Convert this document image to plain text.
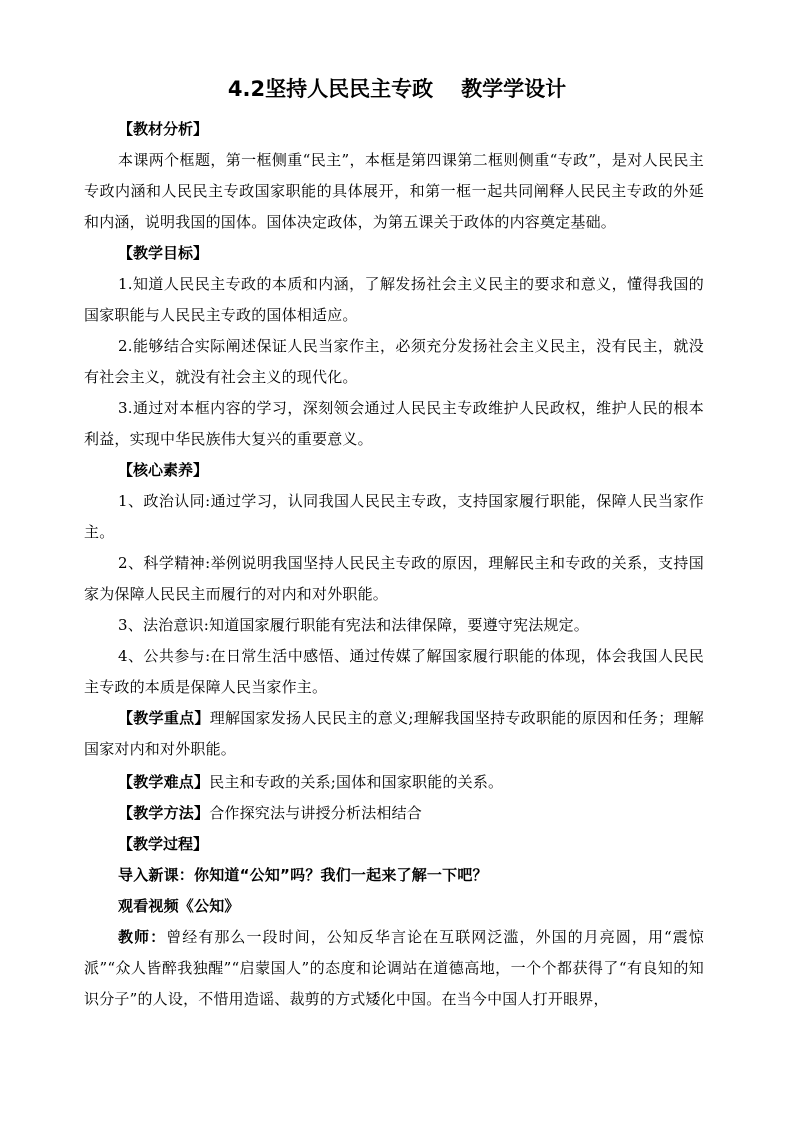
4.2坚持人民民主专政 教学学设计

【教材分析】

本课两个框题，第一框侧重“民主”，本框是第四课第二框则侧重“专政”，是对人民民主专政内涵和人民民主专政国家职能的具体展开，和第一框一起共同阐释人民民主专政的外延和内涵，说明我国的国体。国体决定政体，为第五课关于政体的内容奠定基础。

【教学目标】

1.知道人民民主专政的本质和内涵，了解发扬社会主义民主的要求和意义，懂得我国的国家职能与人民民主专政的国体相适应。

2.能够结合实际阐述保证人民当家作主，必须充分发扬社会主义民主，没有民主，就没有社会主义，就没有社会主义的现代化。

3.通过对本框内容的学习，深刻领会通过人民民主专政维护人民政权，维护人民的根本利益，实现中华民族伟大复兴的重要意义。

【核心素养】

1、政治认同:通过学习，认同我国人民民主专政，支持国家履行职能，保障人民当家作主。

2、科学精神:举例说明我国坚持人民民主专政的原因，理解民主和专政的关系，支持国家为保障人民民主而履行的对内和对外职能。

3、法治意识:知道国家履行职能有宪法和法律保障，要遵守宪法规定。

4、公共参与:在日常生活中感悟、通过传媒了解国家履行职能的体现，体会我国人民民主专政的本质是保障人民当家作主。

【教学重点】理解国家发扬人民民主的意义;理解我国坚持专政职能的原因和任务；理解国家对内和对外职能。

【教学难点】民主和专政的关系;国体和国家职能的关系。

【教学方法】合作探究法与讲授分析法相结合

【教学过程】

导入新课：你知道“公知”吗？我们一起来了解一下吧？

观看视频《公知》

教师：曾经有那么一段时间，公知反华言论在互联网泛滥，外国的月亮圆，用“震惊派”“众人皆醉我独醒”“启蒙国人”的态度和论调站在道德高地，一个个都获得了“有良知的知识分子”的人设，不惜用造谣、裁剪的方式矮化中国。在当今中国人打开眼界，
